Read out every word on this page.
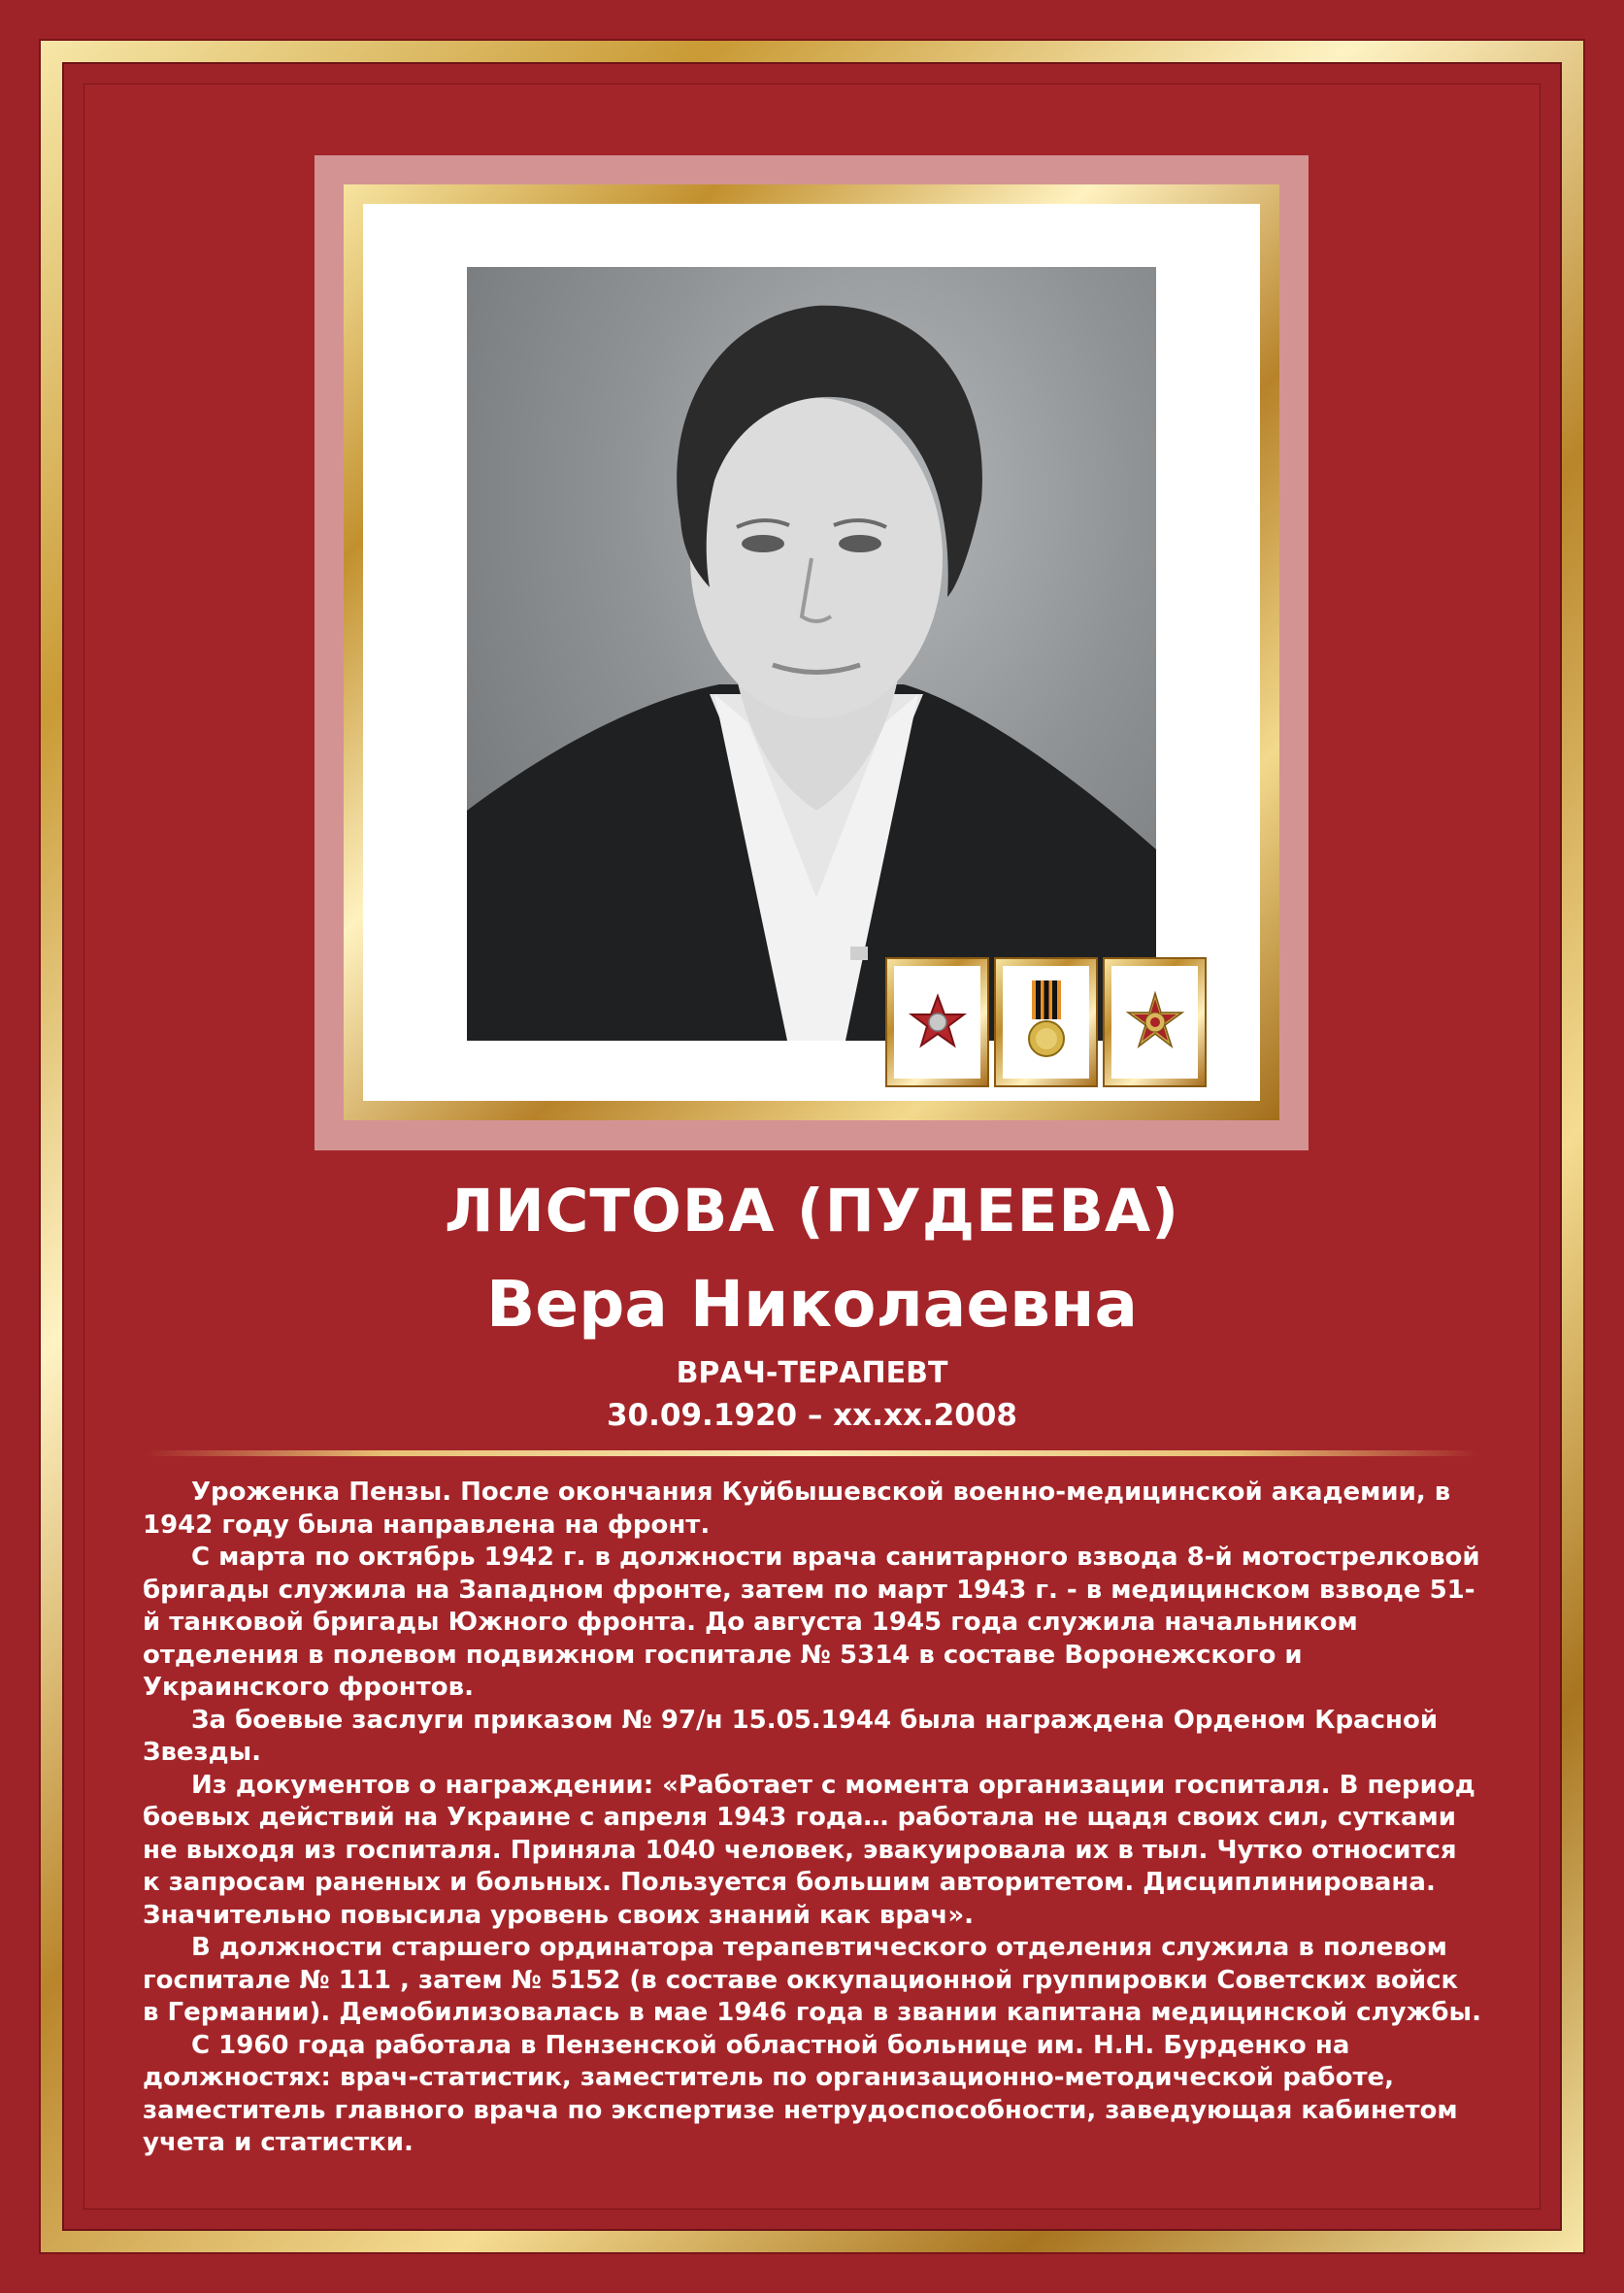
ЛИСТОВА (ПУДЕЕВА)
Вера Николаевна
ВРАЧ-ТЕРАПЕВТ
30.09.1920 – хх.хх.2008

Уроженка Пензы. После окончания Куйбышевской военно-медицинской академии, в 1942 году была направлена на фронт.

С марта по октябрь 1942 г. в должности врача санитарного взвода 8-й мотострелковой бригады служила на Западном фронте, затем по март 1943 г. - в медицинском взводе 51-й танковой бригады Южного фронта. До августа 1945 года служила начальником отделения в полевом подвижном госпитале № 5314 в составе Воронежского и Украинского фронтов.

За боевые заслуги приказом № 97/н 15.05.1944 была награждена Орденом Красной Звезды.

Из документов о награждении: «Работает с момента организации госпиталя. В период боевых действий на Украине с апреля 1943 года… работала не щадя своих сил, сутками не выходя из госпиталя. Приняла 1040 человек, эвакуировала их в тыл. Чутко относится к запросам раненых и больных. Пользуется большим авторитетом. Дисциплинирована. Значительно повысила уровень своих знаний как врач».

В должности старшего ординатора терапевтического отделения служила в полевом госпитале № 111 , затем № 5152 (в составе оккупационной группировки Советских войск в Германии). Демобилизовалась в мае 1946 года в звании капитана медицинской службы.

С 1960 года работала в Пензенской областной больнице им. Н.Н. Бурденко на должностях: врач-статистик, заместитель по организационно-методической работе, заместитель главного врача по экспертизе нетрудоспособности, заведующая кабинетом учета и статистки.
